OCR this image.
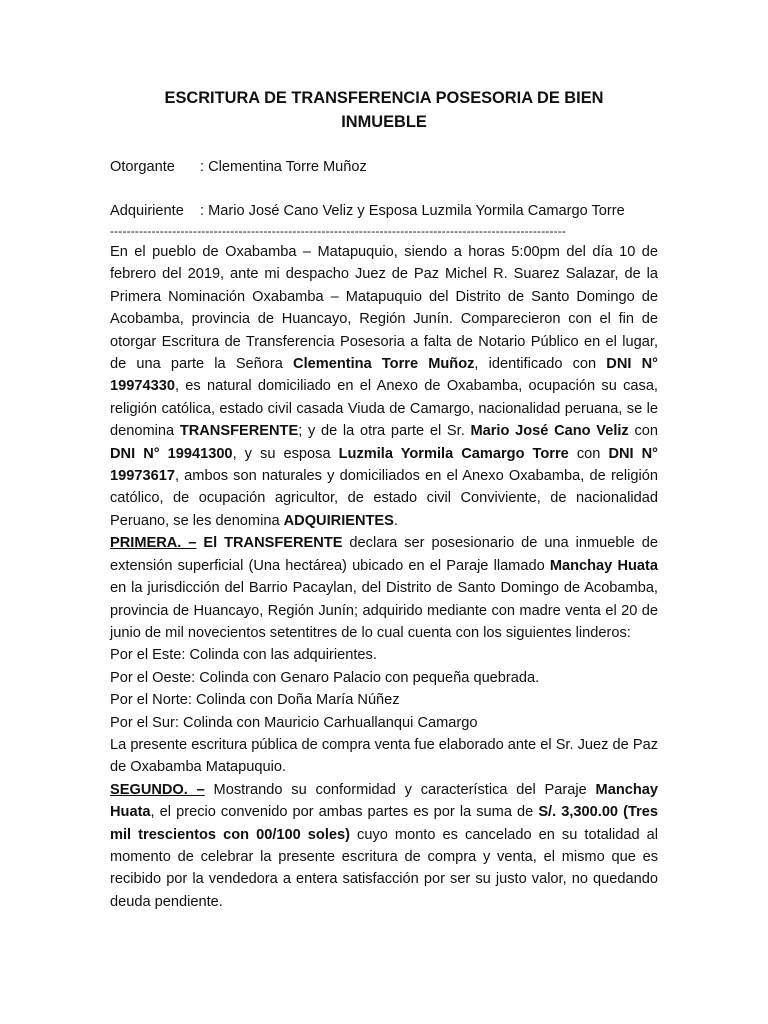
ESCRITURA DE TRANSFERENCIA POSESORIA DE BIEN
INMUEBLE
Otorgante : Clementina Torre Muñoz
Adquiriente : Mario José Cano Veliz y Esposa Luzmila Yormila Camargo Torre
--------------------------------------------------------------------------------------------------------------

En el pueblo de Oxabamba – Matapuquio, siendo a horas 5:00pm del día 10 de febrero del 2019, ante mi despacho Juez de Paz Michel R. Suarez Salazar, de la Primera Nominación Oxabamba – Matapuquio del Distrito de Santo Domingo de Acobamba, provincia de Huancayo, Región Junín. Comparecieron con el fin de otorgar Escritura de Transferencia Posesoria a falta de Notario Público en el lugar, de una parte la Señora Clementina Torre Muñoz, identificado con DNI N° 19974330, es natural domiciliado en el Anexo de Oxabamba, ocupación su casa, religión católica, estado civil casada Viuda de Camargo, nacionalidad peruana, se le denomina TRANSFERENTE; y de la otra parte el Sr. Mario José Cano Veliz con DNI N° 19941300, y su esposa Luzmila Yormila Camargo Torre con DNI N° 19973617, ambos son naturales y domiciliados en el Anexo Oxabamba, de religión católico, de ocupación agricultor, de estado civil Conviviente, de nacionalidad Peruano, se les denomina ADQUIRIENTES.

PRIMERA. – El TRANSFERENTE declara ser posesionario de una inmueble de extensión superficial (Una hectárea) ubicado en el Paraje llamado Manchay Huata en la jurisdicción del Barrio Pacaylan, del Distrito de Santo Domingo de Acobamba, provincia de Huancayo, Región Junín; adquirido mediante con madre venta el 20 de junio de mil novecientos setentitres de lo cual cuenta con los siguientes linderos:

Por el Este: Colinda con las adquirientes.

Por el Oeste: Colinda con Genaro Palacio con pequeña quebrada.

Por el Norte: Colinda con Doña María Núñez

Por el Sur: Colinda con Mauricio Carhuallanqui Camargo

La presente escritura pública de compra venta fue elaborado ante el Sr. Juez de Paz de Oxabamba Matapuquio.

SEGUNDO. – Mostrando su conformidad y característica del Paraje Manchay Huata, el precio convenido por ambas partes es por la suma de S/. 3,300.00 (Tres mil trescientos con 00/100 soles) cuyo monto es cancelado en su totalidad al momento de celebrar la presente escritura de compra y venta, el mismo que es recibido por la vendedora a entera satisfacción por ser su justo valor, no quedando deuda pendiente.
